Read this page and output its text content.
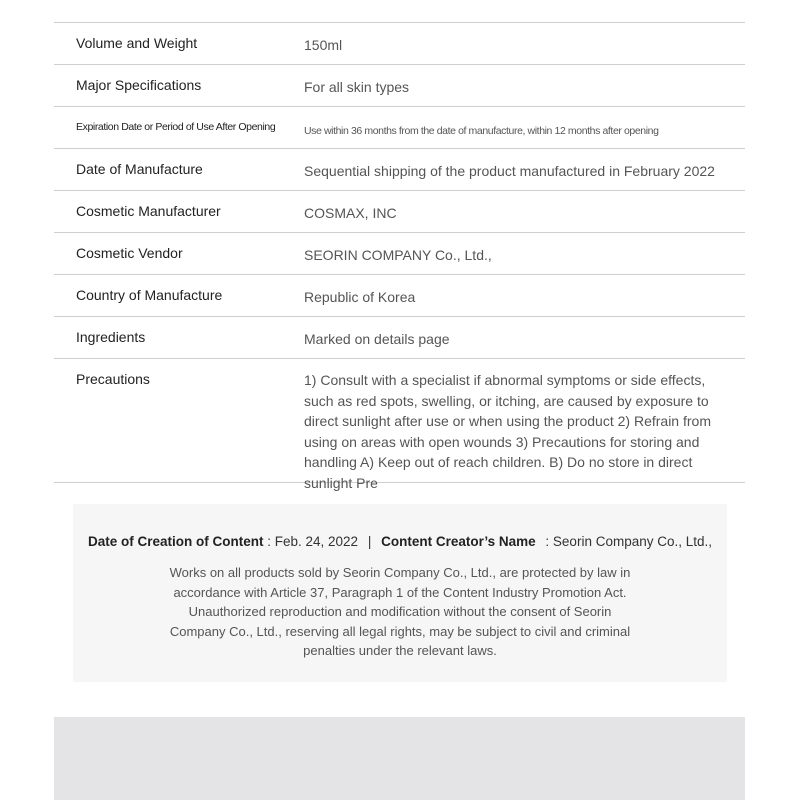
Volume and Weight	150ml
Major Specifications	For all skin types
Expiration Date or Period of Use After Opening	Use within 36 months from the date of manufacture, within 12 months after opening
Date of Manufacture	Sequential shipping of the product manufactured in February 2022
Cosmetic Manufacturer	COSMAX, INC
Cosmetic Vendor	SEORIN COMPANY Co., Ltd.,
Country of Manufacture	Republic of Korea
Ingredients	Marked on details page
Precautions	1) Consult with a specialist if abnormal symptoms or side effects, such as red spots, swelling, or itching, are caused by exposure to direct sunlight after use or when using the product 2) Refrain from using on areas with open wounds 3) Precautions for storing and handling A) Keep out of reach children. B) Do no store in direct sunlight Pre
Date of Creation of Content : Feb. 24, 2022 | Content Creator’s Name : Seorin Company Co., Ltd.,
Works on all products sold by Seorin Company Co., Ltd., are protected by law in accordance with Article 37, Paragraph 1 of the Content Industry Promotion Act. Unauthorized reproduction and modification without the consent of Seorin Company Co., Ltd., reserving all legal rights, may be subject to civil and criminal penalties under the relevant laws.
